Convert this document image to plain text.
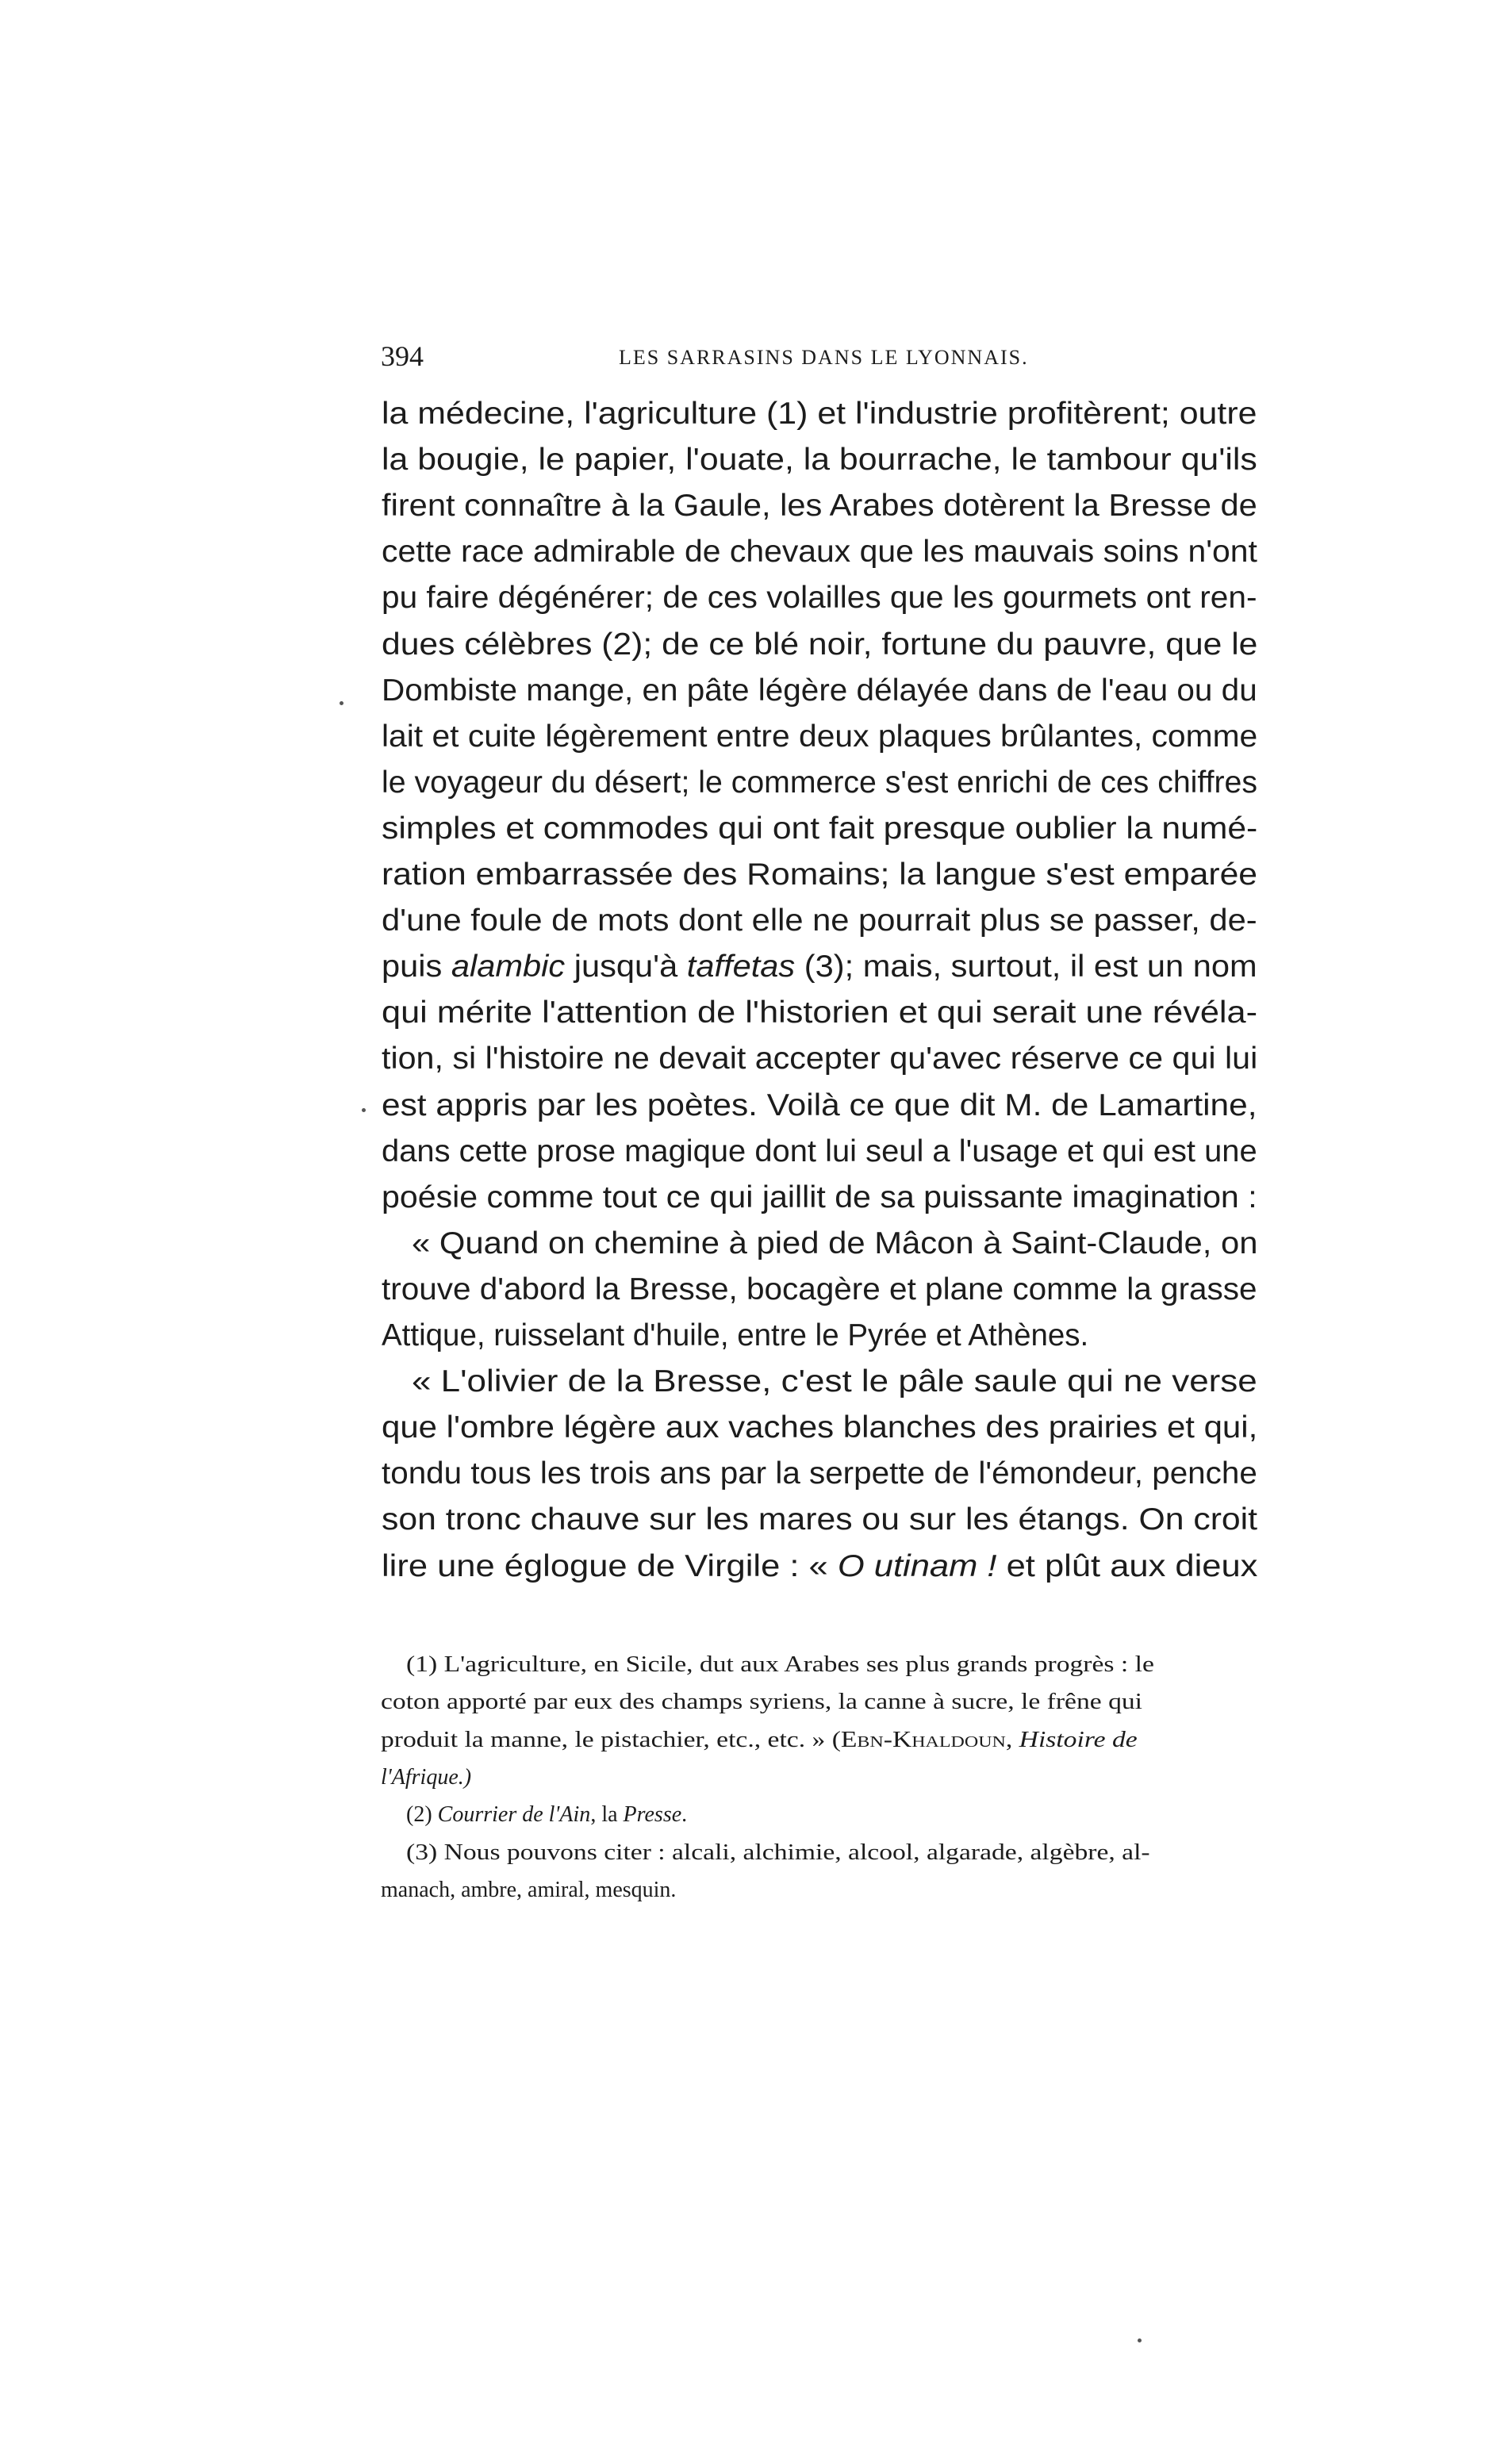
394	LES SARRASINS DANS LE LYONNAIS.
la médecine, l'agriculture (1) et l'industrie profitèrent; outre
la bougie, le papier, l'ouate, la bourrache, le tambour qu'ils
firent connaître à la Gaule, les Arabes dotèrent la Bresse de
cette race admirable de chevaux que les mauvais soins n'ont
pu faire dégénérer; de ces volailles que les gourmets ont ren-
dues célèbres (2); de ce blé noir, fortune du pauvre, que le
Dombiste mange, en pâte légère délayée dans de l'eau ou du
lait et cuite légèrement entre deux plaques brûlantes, comme
le voyageur du désert; le commerce s'est enrichi de ces chiffres
simples et commodes qui ont fait presque oublier la numé-
ration embarrassée des Romains; la langue s'est emparée
d'une foule de mots dont elle ne pourrait plus se passer, de-
puis alambic jusqu'à taffetas (3); mais, surtout, il est un nom
qui mérite l'attention de l'historien et qui serait une révéla-
tion, si l'histoire ne devait accepter qu'avec réserve ce qui lui
est appris par les poètes. Voilà ce que dit M. de Lamartine,
dans cette prose magique dont lui seul a l'usage et qui est une
poésie comme tout ce qui jaillit de sa puissante imagination :
« Quand on chemine à pied de Mâcon à Saint-Claude, on
trouve d'abord la Bresse, bocagère et plane comme la grasse
Attique, ruisselant d'huile, entre le Pyrée et Athènes.
« L'olivier de la Bresse, c'est le pâle saule qui ne verse
que l'ombre légère aux vaches blanches des prairies et qui,
tondu tous les trois ans par la serpette de l'émondeur, penche
son tronc chauve sur les mares ou sur les étangs. On croit
lire une églogue de Virgile : « O utinam ! et plût aux dieux
(1) L'agriculture, en Sicile, dut aux Arabes ses plus grands progrès : le
coton apporté par eux des champs syriens, la canne à sucre, le frêne qui
produit la manne, le pistachier, etc., etc. » (Ebn-Khaldoun, Histoire de
l'Afrique.)
(2) Courrier de l'Ain, la Presse.
(3) Nous pouvons citer : alcali, alchimie, alcool, algarade, algèbre, al-
manach, ambre, amiral, mesquin.
